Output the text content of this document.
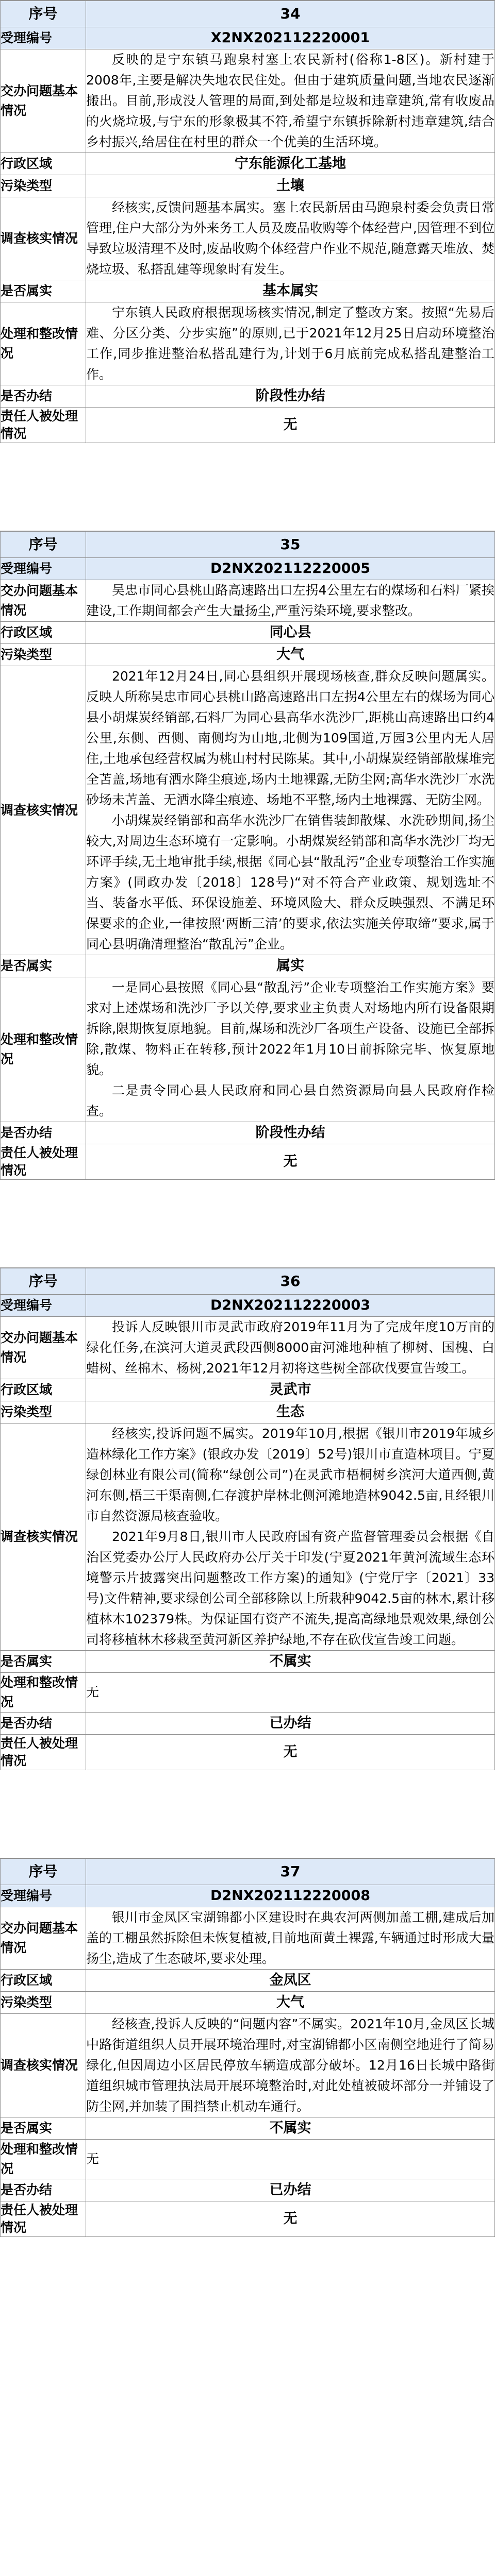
序号	34
受理编号	X2NX202112220001
交办问题基本情况	反映的是宁东镇马跑泉村塞上农民新村(俗称1-8区)。新村建于2008年,主要是解决失地农民住处。但由于建筑质量问题,当地农民逐渐搬出。目前,形成没人管理的局面,到处都是垃圾和违章建筑,常有收废品的火烧垃圾,与宁东的形象极其不符,希望宁东镇拆除新村违章建筑,结合乡村振兴,给居住在村里的群众一个优美的生活环境。

行政区域	宁东能源化工基地
污染类型	土壤
调查核实情况	经核实,反馈问题基本属实。塞上农民新居由马跑泉村委会负责日常管理,住户大部分为外来务工人员及废品收购等个体经营户,因管理不到位导致垃圾清理不及时,废品收购个体经营户作业不规范,随意露天堆放、焚烧垃圾、私搭乱建等现象时有发生。

是否属实	基本属实
处理和整改情况	宁东镇人民政府根据现场核实情况,制定了整改方案。按照“先易后难、分区分类、分步实施”的原则,已于2021年12月25日启动环境整治工作,同步推进整治私搭乱建行为,计划于6月底前完成私搭乱建整治工作。

是否办结	阶段性办结
责任人被处理情况	无
序号	35
受理编号	D2NX202112220005
交办问题基本情况	吴忠市同心县桃山路高速路出口左拐4公里左右的煤场和石料厂紧挨建设,工作期间都会产生大量扬尘,严重污染环境,要求整改。

行政区域	同心县
污染类型	大气
调查核实情况	2021年12月24日,同心县组织开展现场核查,群众反映问题属实。反映人所称吴忠市同心县桃山路高速路出口左拐4公里左右的煤场为同心县小胡煤炭经销部,石料厂为同心县高华水洗沙厂,距桃山高速路出口约4公里,东侧、西侧、南侧均为山地,北侧为109国道,万园3公里内无人居住,土地承包经营权属为桃山村村民陈某。其中,小胡煤炭经销部散煤堆完全苫盖,场地有洒水降尘痕迹,场内土地裸露,无防尘网;高华水洗沙厂水洗砂场未苫盖、无洒水降尘痕迹、场地不平整,场内土地裸露、无防尘网。

小胡煤炭经销部和高华水洗沙厂在销售装卸散煤、水洗砂期间,扬尘较大,对周边生态环境有一定影响。小胡煤炭经销部和高华水洗沙厂均无环评手续,无土地审批手续,根据《同心县“散乱污”企业专项整治工作实施方案》(同政办发〔2018〕128号)“对不符合产业政策、规划选址不当、装备水平低、环保设施差、环境风险大、群众反映强烈、不满足环保要求的企业,一律按照‘两断三清’的要求,依法实施关停取缔”要求,属于同心县明确清理整治“散乱污”企业。

是否属实	属实
处理和整改情况	一是同心县按照《同心县“散乱污”企业专项整治工作实施方案》要求对上述煤场和洗沙厂予以关停,要求业主负责人对场地内所有设备限期拆除,限期恢复原地貌。目前,煤场和洗沙厂各项生产设备、设施已全部拆除,散煤、物料正在转移,预计2022年1月10日前拆除完毕、恢复原地貌。

二是责令同心县人民政府和同心县自然资源局向县人民政府作检查。

是否办结	阶段性办结
责任人被处理情况	无
序号	36
受理编号	D2NX202112220003
交办问题基本情况	投诉人反映银川市灵武市政府2019年11月为了完成年度10万亩的绿化任务,在滨河大道灵武段西侧8000亩河滩地种植了柳树、国槐、白蜡树、丝棉木、杨树,2021年12月初将这些树全部砍伐要宣告竣工。

行政区域	灵武市
污染类型	生态
调查核实情况	经核实,投诉问题不属实。2019年10月,根据《银川市2019年城乡造林绿化工作方案》(银政办发〔2019〕52号)银川市直造林项目。宁夏绿创林业有限公司(简称“绿创公司”)在灵武市梧桐树乡滨河大道西侧,黄河东侧,梧三干渠南侧,仁存渡护岸林北侧河滩地造林9042.5亩,且经银川市自然资源局核查验收。

2021年9月8日,银川市人民政府国有资产监督管理委员会根据《自治区党委办公厅人民政府办公厅关于印发(宁夏2021年黄河流域生态环境警示片披露突出问题整改工作方案)的通知》(宁党厅字〔2021〕33号)文件精神,要求绿创公司全部移除以上所栽种9042.5亩的林木,累计移植林木102379株。为保证国有资产不流失,提高高绿地景观效果,绿创公司将移植林木移栽至黄河新区养护绿地,不存在砍伐宣告竣工问题。

是否属实	不属实
处理和整改情况	无
是否办结	已办结
责任人被处理情况	无
序号	37
受理编号	D2NX202112220008
交办问题基本情况	银川市金凤区宝湖锦都小区建设时在典农河两侧加盖工棚,建成后加盖的工棚虽然拆除但未恢复植被,目前地面黄土裸露,车辆通过时形成大量扬尘,造成了生态破坏,要求处理。

行政区域	金凤区
污染类型	大气
调查核实情况	经核查,投诉人反映的“问题内容”不属实。2021年10月,金凤区长城中路街道组织人员开展环境治理时,对宝湖锦都小区南侧空地进行了简易绿化,但因周边小区居民停放车辆造成部分破坏。12月16日长城中路街道组织城市管理执法局开展环境整治时,对此处植被破坏部分一并铺设了防尘网,并加装了围挡禁止机动车通行。

是否属实	不属实
处理和整改情况	无
是否办结	已办结
责任人被处理情况	无
